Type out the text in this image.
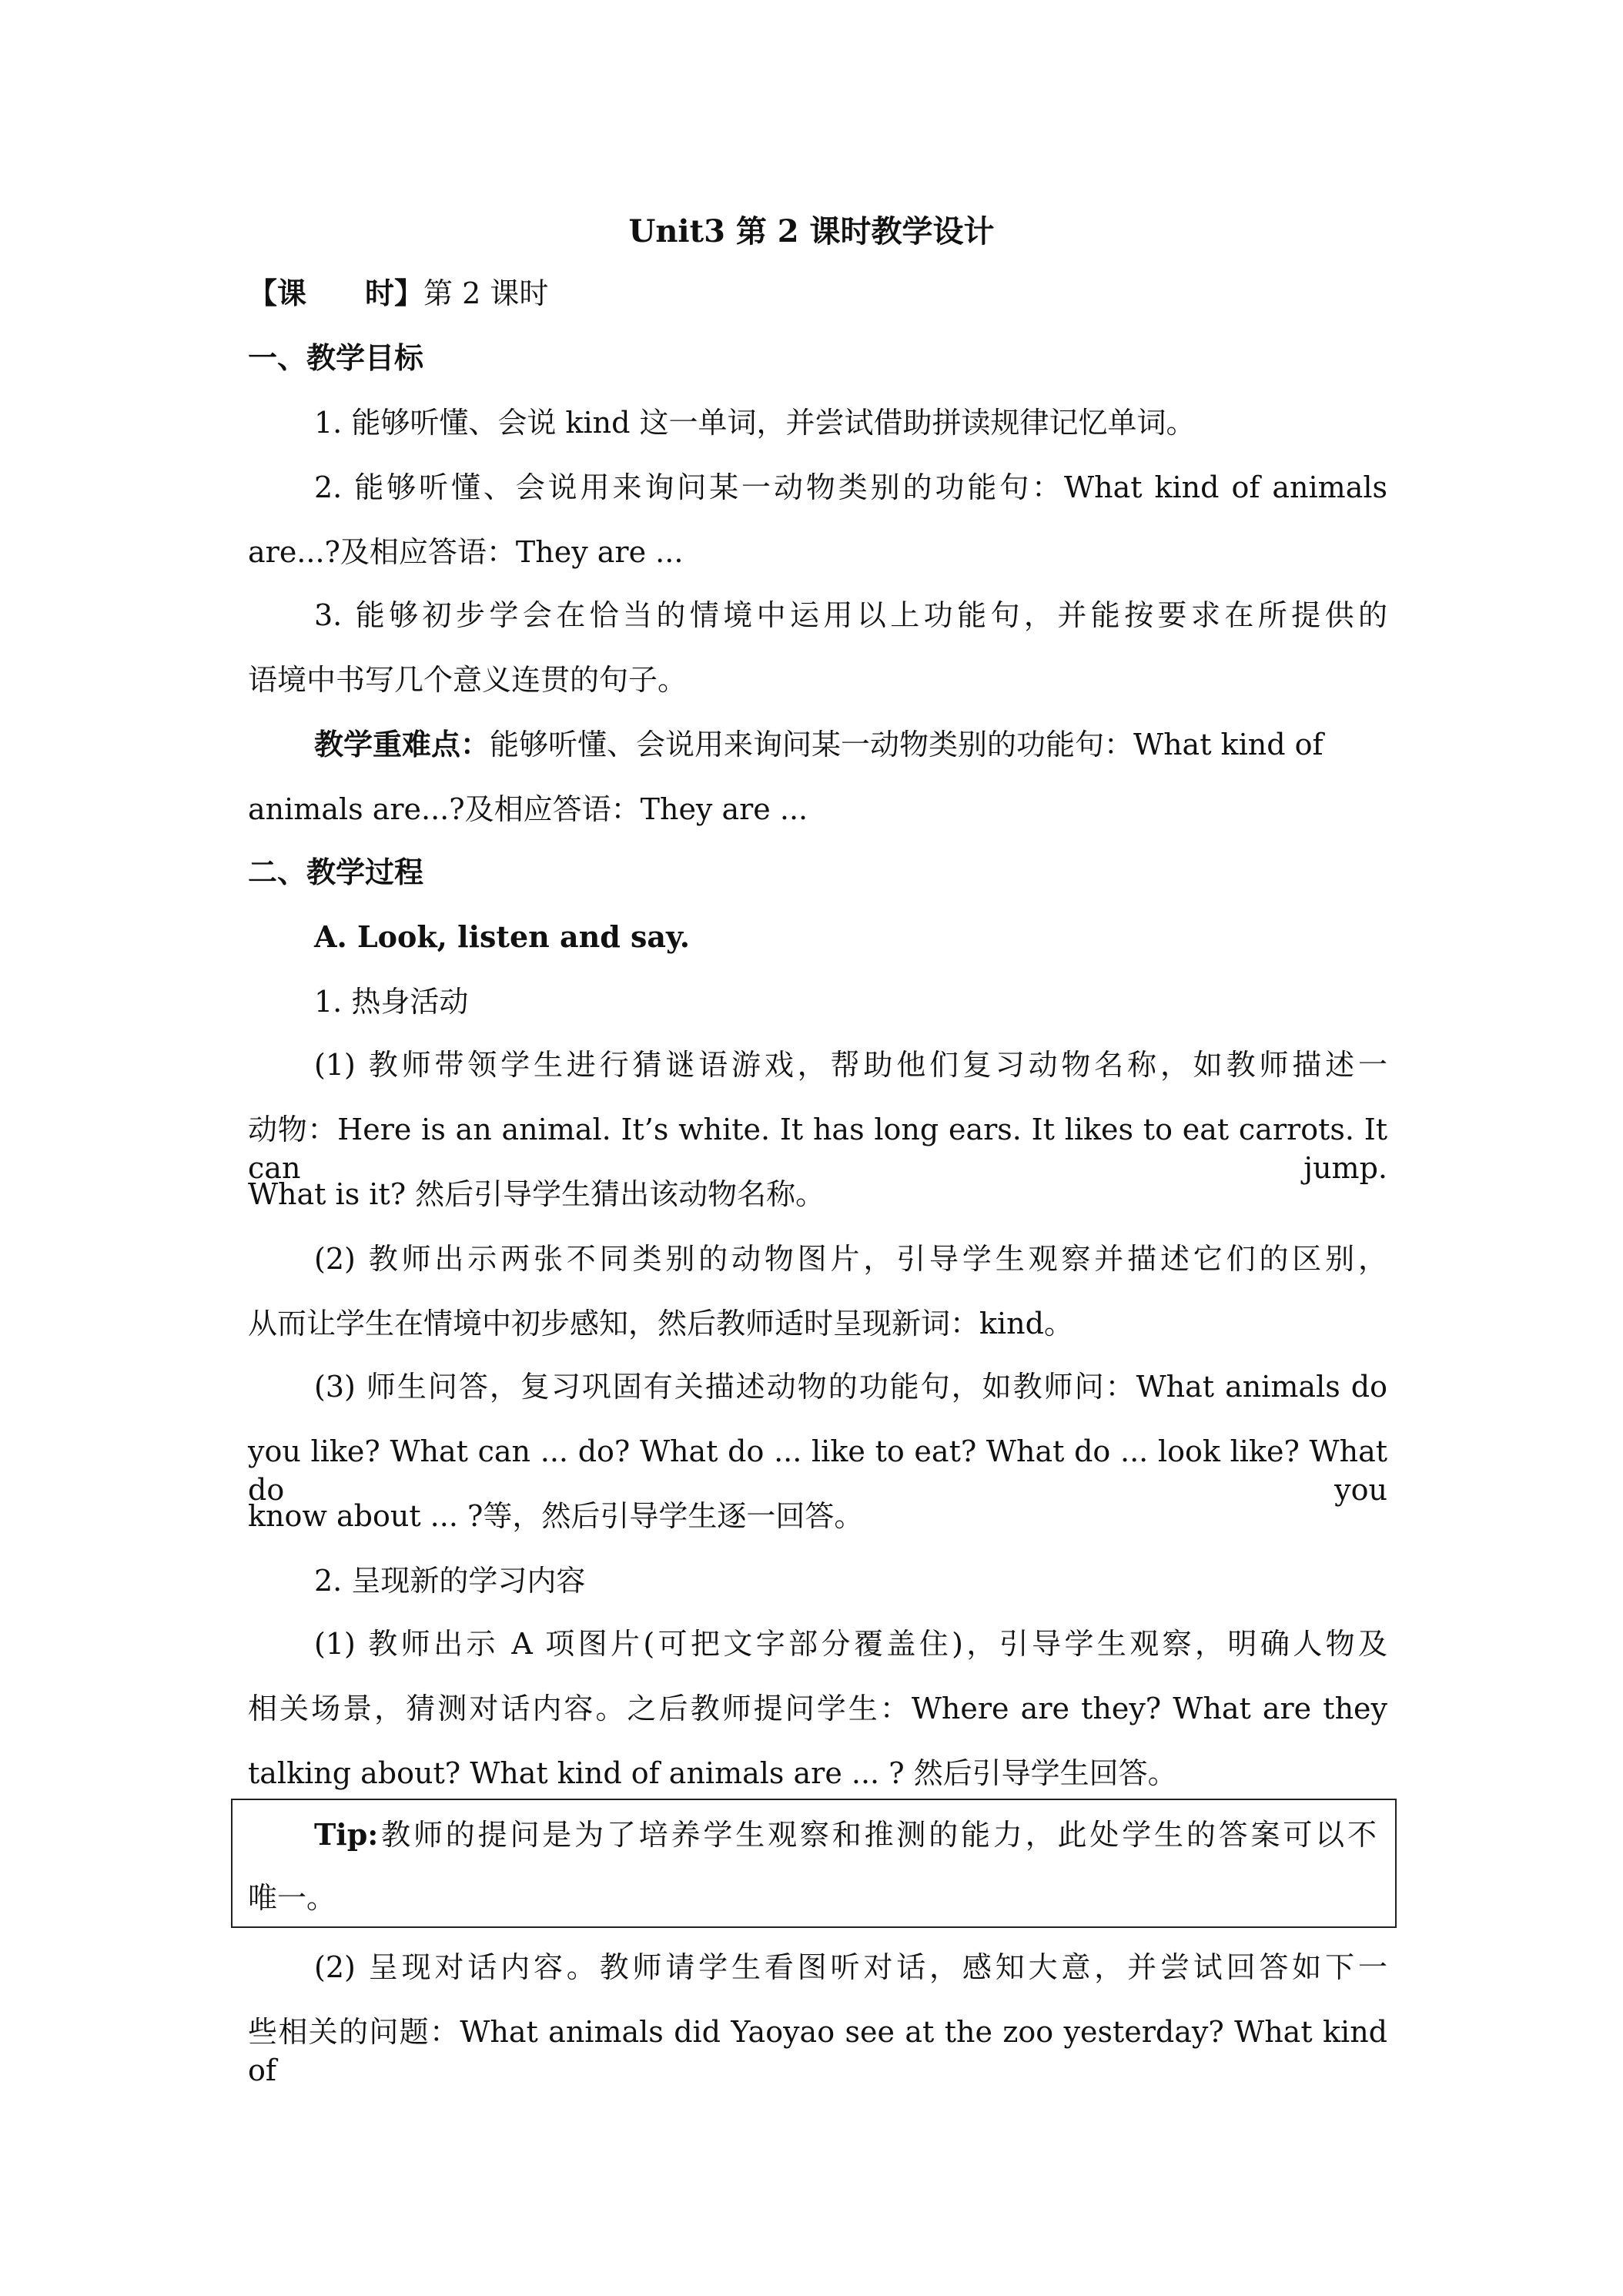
Unit3 第 2 课时教学设计
【课　　时】第 2 课时
一、教学目标
1. 能够听懂、会说 kind 这一单词，并尝试借助拼读规律记忆单词。
2. 能够听懂、会说用来询问某一动物类别的功能句：What kind of animals
are...?及相应答语：They are ...
3. 能够初步学会在恰当的情境中运用以上功能句，并能按要求在所提供的
语境中书写几个意义连贯的句子。
教学重难点：能够听懂、会说用来询问某一动物类别的功能句：What kind of
animals are...?及相应答语：They are ...
二、教学过程
A. Look, listen and say.
1. 热身活动
(1) 教师带领学生进行猜谜语游戏，帮助他们复习动物名称，如教师描述一
动物：Here is an animal. It’s white. It has long ears. It likes to eat carrots. It can jump.
What is it? 然后引导学生猜出该动物名称。
(2) 教师出示两张不同类别的动物图片，引导学生观察并描述它们的区别，
从而让学生在情境中初步感知，然后教师适时呈现新词：kind。
(3) 师生问答，复习巩固有关描述动物的功能句，如教师问：What animals do
you like? What can ... do? What do ... like to eat? What do ... look like? What do you
know about ... ?等，然后引导学生逐一回答。
2. 呈现新的学习内容
(1) 教师出示 A 项图片(可把文字部分覆盖住)，引导学生观察，明确人物及
相关场景，猜测对话内容。之后教师提问学生：Where are they? What are they
talking about? What kind of animals are ... ? 然后引导学生回答。
Tip:教师的提问是为了培养学生观察和推测的能力，此处学生的答案可以不
唯一。
(2) 呈现对话内容。教师请学生看图听对话，感知大意，并尝试回答如下一
些相关的问题：What animals did Yaoyao see at the zoo yesterday? What kind of
